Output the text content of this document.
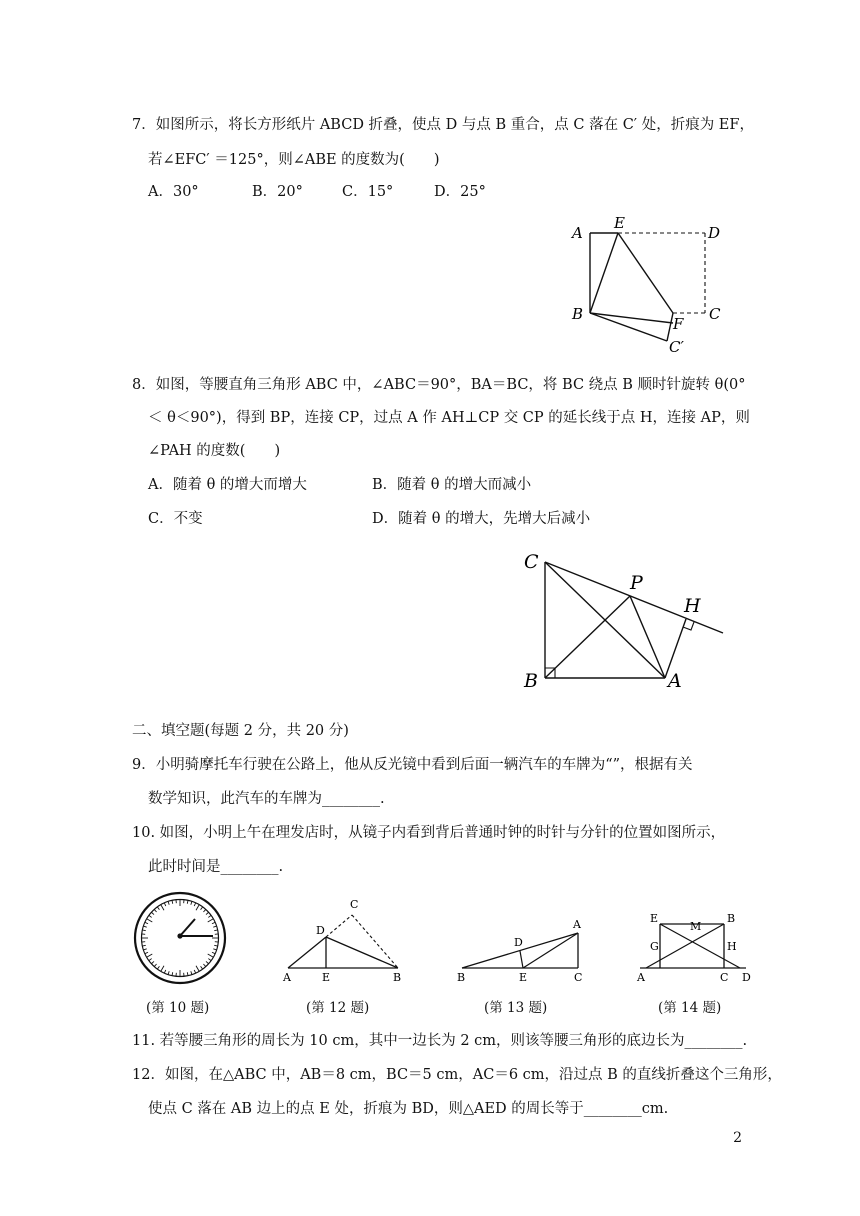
7．如图所示，将长方形纸片 ABCD 折叠，使点 D 与点 B 重合，点 C 落在 C′ 处，折痕为 EF，
若∠EFC′ ＝125°，则∠ABE 的度数为(　　)
A．30°	B．20°	C．15°	D．25°
A
E
D
B
F
C
C′
8．如图，等腰直角三角形 ABC 中，∠ABC＝90°，BA＝BC，将 BC 绕点 B 顺时针旋转 θ(0°
＜ θ＜90°)，得到 BP，连接 CP，过点 A 作 AH⊥CP 交 CP 的延长线于点 H，连接 AP，则
∠PAH 的度数(　　)
A．随着 θ 的增大而增大	B．随着 θ 的增大而减小
C．不变	D．随着 θ 的增大，先增大后减小
C
P
H
B	A
二、填空题(每题 2 分，共 20 分)
9．小明骑摩托车行驶在公路上，他从反光镜中看到后面一辆汽车的车牌为“”，根据有关
数学知识，此汽车的车牌为________.
10. 如图，小明上午在理发店时，从镜子内看到背后普通时钟的时针与分针的位置如图所示，
此时时间是________.
C
D
A	E	B
A
D
B	E	C
E
M
B
G	H
A	C D
(第 10 题)	(第 12 题)	(第 13 题)	(第 14 题)
11. 若等腰三角形的周长为 10 cm，其中一边长为 2 cm，则该等腰三角形的底边长为________.
12．如图，在△ABC 中，AB＝8 cm，BC＝5 cm，AC＝6 cm，沿过点 B 的直线折叠这个三角形，
使点 C 落在 AB 边上的点 E 处，折痕为 BD，则△AED 的周长等于________cm.
2
